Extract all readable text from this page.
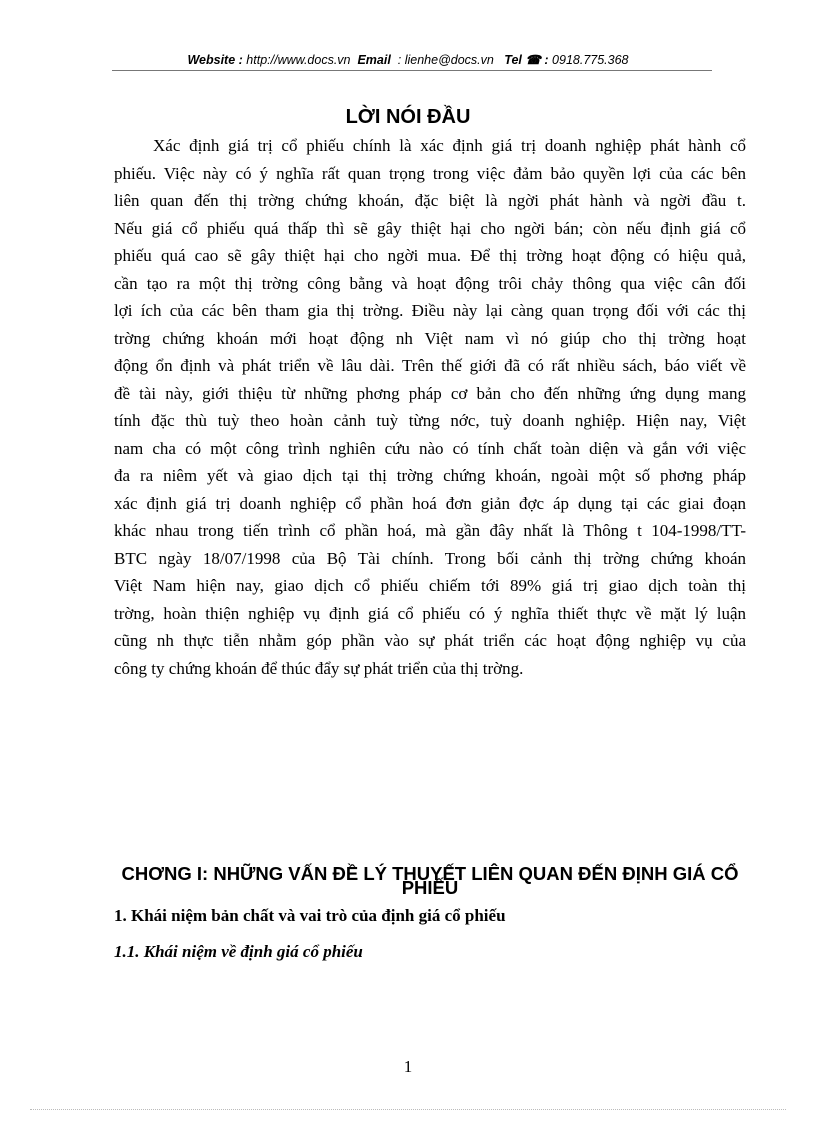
Website : http://www.docs.vn Email : lienhe@docs.vn Tel ☎ : 0918.775.368
LỜI NÓI ĐẦU
Xác định giá trị cổ phiếu chính là xác định giá trị doanh nghiệp phát hành cổ
phiếu. Việc này có ý nghĩa rất quan trọng trong việc đảm bảo quyền lợi của các bên
liên quan đến thị trờng chứng khoán, đặc biệt là ngời phát hành và ngời đầu t.
Nếu giá cổ phiếu quá thấp thì sẽ gây thiệt hại cho ngời bán; còn nếu định giá cổ
phiếu quá cao sẽ gây thiệt hại cho ngời mua. Để thị trờng hoạt động có hiệu quả,
cần tạo ra một thị trờng công bằng và hoạt động trôi chảy thông qua việc cân đối
lợi ích của các bên tham gia thị trờng. Điều này lại càng quan trọng đối với các thị
trờng chứng khoán mới hoạt động nh Việt nam vì nó giúp cho thị trờng hoạt
động ổn định và phát triển về lâu dài. Trên thế giới đã có rất nhiều sách, báo viết về
đề tài này, giới thiệu từ những phơng pháp cơ bản cho đến những ứng dụng mang
tính đặc thù tuỳ theo hoàn cảnh tuỳ từng nớc, tuỳ doanh nghiệp. Hiện nay, Việt
nam cha có một công trình nghiên cứu nào có tính chất toàn diện và gắn với việc
đa ra niêm yết và giao dịch tại thị trờng chứng khoán, ngoài một số phơng pháp
xác định giá trị doanh nghiệp cổ phần hoá đơn giản đợc áp dụng tại các giai đoạn
khác nhau trong tiến trình cổ phần hoá, mà gần đây nhất là Thông t 104-1998/TT-
BTC ngày 18/07/1998 của Bộ Tài chính. Trong bối cảnh thị trờng chứng khoán
Việt Nam hiện nay, giao dịch cổ phiếu chiếm tới 89% giá trị giao dịch toàn thị
trờng, hoàn thiện nghiệp vụ định giá cổ phiếu có ý nghĩa thiết thực về mặt lý luận
cũng nh thực tiễn nhằm góp phần vào sự phát triển các hoạt động nghiệp vụ của
công ty chứng khoán để thúc đẩy sự phát triển của thị trờng.
CHƠNG I: NHỮNG VẤN ĐỀ LÝ THUYẾT LIÊN QUAN ĐẾN ĐỊNH GIÁ CỔ PHIẾU
1. Khái niệm bản chất và vai trò của định giá cổ phiếu
1.1. Khái niệm về định giá cổ phiếu
1
